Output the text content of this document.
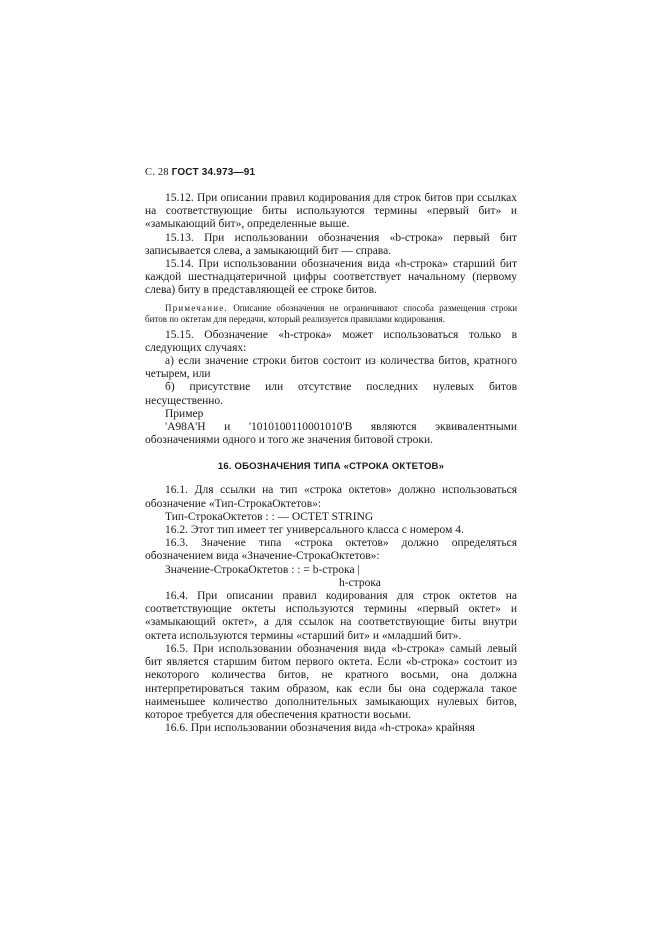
С. 28 ГОСТ 34.973—91

15.12. При описании правил кодирования для строк битов при ссылках на соответствующие биты используются термины «первый бит» и «замыкающий бит», определенные выше.

15.13. При использовании обозначения «b-строка» первый бит записывается слева, а замыкающий бит — справа.

15.14. При использовании обозначения вида «h-строка» старший бит каждой шестнадцатеричной цифры соответствует начальному (первому слева) биту в представляющей ее строке битов.

Примечание. Описание обозначения не ограничивают способа размещения строки битов по октетам для передачи, который реализуется правилами кодирования.

15.15. Обозначение «h-строка» может использоваться только в следующих случаях:

а) если значение строки битов состоит из количества битов, кратного четырем, или

б) присутствие или отсутствие последних нулевых битов несущественно.

Пример

'A98A'H и '1010100110001010'B являются эквивалентными обозначениями одного и того же значения битовой строки.

16. ОБОЗНАЧЕНИЯ ТИПА «СТРОКА ОКТЕТОВ»

16.1. Для ссылки на тип «строка октетов» должно использоваться обозначение «Тип-СтрокаОктетов»:

Тип-СтрокаОктетов : : — OCTET STRING

16.2. Этот тип имеет тег универсального класса с номером 4.

16.3. Значение типа «строка октетов» должно определяться обозначением вида «Значение-СтрокаОктетов»:

Значение-СтрокаОктетов : : = b-строка |

h-строка

16.4. При описании правил кодирования для строк октетов на соответствующие октеты используются термины «первый октет» и «замыкающий октет», а для ссылок на соответствующие биты внутри октета используются термины «старший бит» и «младший бит».

16.5. При использовании обозначения вида «b-строка» самый левый бит является старшим битом первого октета. Если «b-строка» состоит из некоторого количества битов, не кратного восьми, она должна интерпретироваться таким образом, как если бы она содержала такое наименьшее количество дополнительных замыкающих нулевых битов, которое требуется для обеспечения кратности восьми.

16.6. При использовании обозначения вида «h-строка» крайняя
